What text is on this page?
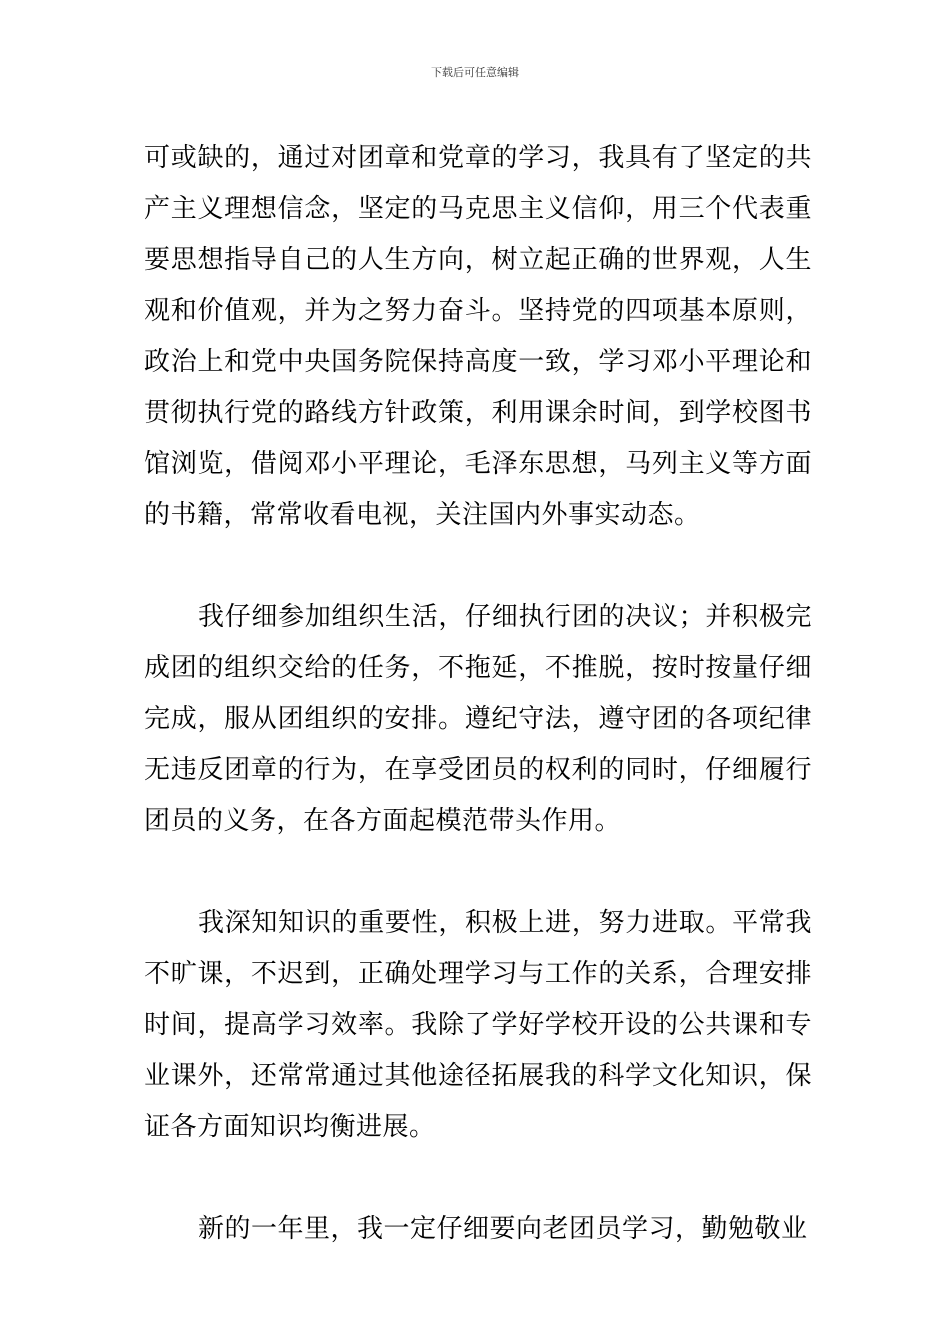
下载后可任意编辑

可或缺的，通过对团章和党章的学习，我具有了坚定的共产主义理想信念，坚定的马克思主义信仰，用三个代表重要思想指导自己的人生方向，树立起正确的世界观，人生观和价值观，并为之努力奋斗。坚持党的四项基本原则，政治上和党中央国务院保持高度一致，学习邓小平理论和贯彻执行党的路线方针政策，利用课余时间，到学校图书馆浏览，借阅邓小平理论，毛泽东思想，马列主义等方面的书籍，常常收看电视，关注国内外事实动态。

我仔细参加组织生活，仔细执行团的决议；并积极完成团的组织交给的任务，不拖延，不推脱，按时按量仔细完成，服从团组织的安排。遵纪守法，遵守团的各项纪律无违反团章的行为，在享受团员的权利的同时，仔细履行团员的义务，在各方面起模范带头作用。

我深知知识的重要性，积极上进，努力进取。平常我不旷课，不迟到，正确处理学习与工作的关系，合理安排时间，提高学习效率。我除了学好学校开设的公共课和专业课外，还常常通过其他途径拓展我的科学文化知识，保证各方面知识均衡进展。

新的一年里，我一定仔细要向老团员学习，勤勉敬业
